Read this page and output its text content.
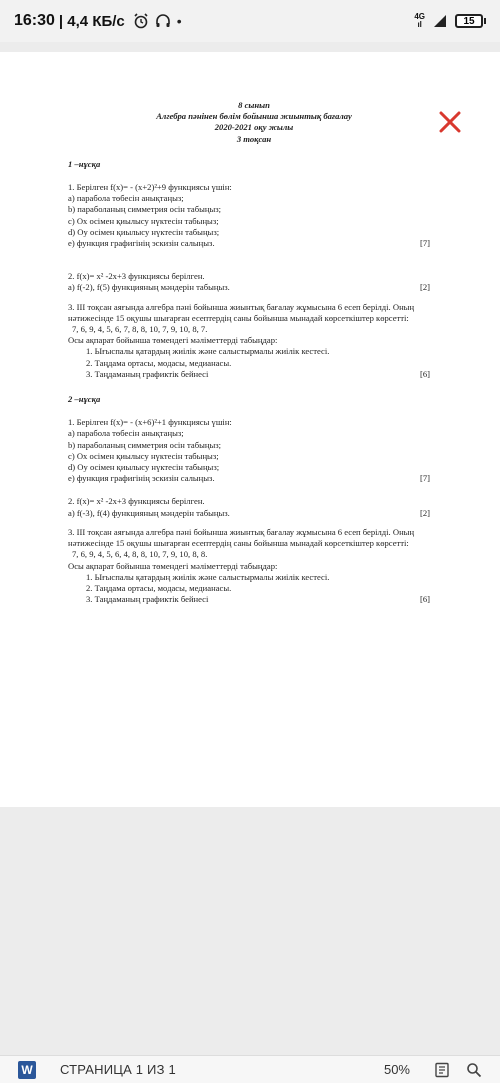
16:30 | 4,4 КБ/с	•	4G
ıl	15
8 сынып
Алгебра пәнінен бөлім бойынша жиынтық бағалау
2020-2021 оқу жылы
3 тоқсан
1 –нұсқа
1. Берілген f(x)= - (x+2)²+9 функциясы үшін:
a) парабола төбесін анықтаңыз;
b) параболаның симметрия осін табыңыз;
c) Ox осімен қиылысу нүктесін табыңыз;
d) Oy осімен қиылысу нүктесін табыңыз;
e) функция графигінің эскизін салыңыз.	[7]
2. f(x)= x² -2x+3 функциясы берілген.
a) f(-2), f(5) функцияның мәндерін табыңыз.	[2]
3. III тоқсан аяғында алгебра пәні бойынша жиынтық бағалау жұмысына 6 есеп берілді. Оның нәтижесінде 15 оқушы шығарған есептердің саны бойынша мынадай көрсеткіштер көрсетті:
7, 6, 9, 4, 5, 6, 7, 8, 8, 10, 7, 9, 10, 8, 7.
Осы ақпарат бойынша төмендегі мәліметтерді табыңдар:
1. Ығыспалы қатардың жиілік және салыстырмалы жиілік кестесі.
2. Таңдама ортасы, модасы, медианасы.
3. Таңдаманың графиктік бейнесі	[6]
2 –нұсқа
1. Берілген f(x)= - (x+6)²+1 функциясы үшін:
a) парабола төбесін анықтаңыз;
b) параболаның симметрия осін табыңыз;
c) Ox осімен қиылысу нүктесін табыңыз;
d) Oy осімен қиылысу нүктесін табыңыз;
e) функция графигінің эскизін салыңыз.	[7]
2. f(x)= x² -2x+3 функциясы берілген.
a) f(-3), f(4) функцияның мәндерін табыңыз.	[2]
3. III тоқсан аяғында алгебра пәні бойынша жиынтық бағалау жұмысына 6 есеп берілді. Оның нәтижесінде 15 оқушы шығарған есептердің саны бойынша мынадай көрсеткіштер көрсетті:
7, 6, 9, 4, 5, 6, 4, 8, 8, 10, 7, 9, 10, 8, 8.
Осы ақпарат бойынша төмендегі мәліметтерді табыңдар:
1. Ығыспалы қатардың жиілік және салыстырмалы жиілік кестесі.
2. Таңдама ортасы, модасы, медианасы.
3. Таңдаманың графиктік бейнесі	[6]
W СТРАНИЦА 1 ИЗ 1	50%
